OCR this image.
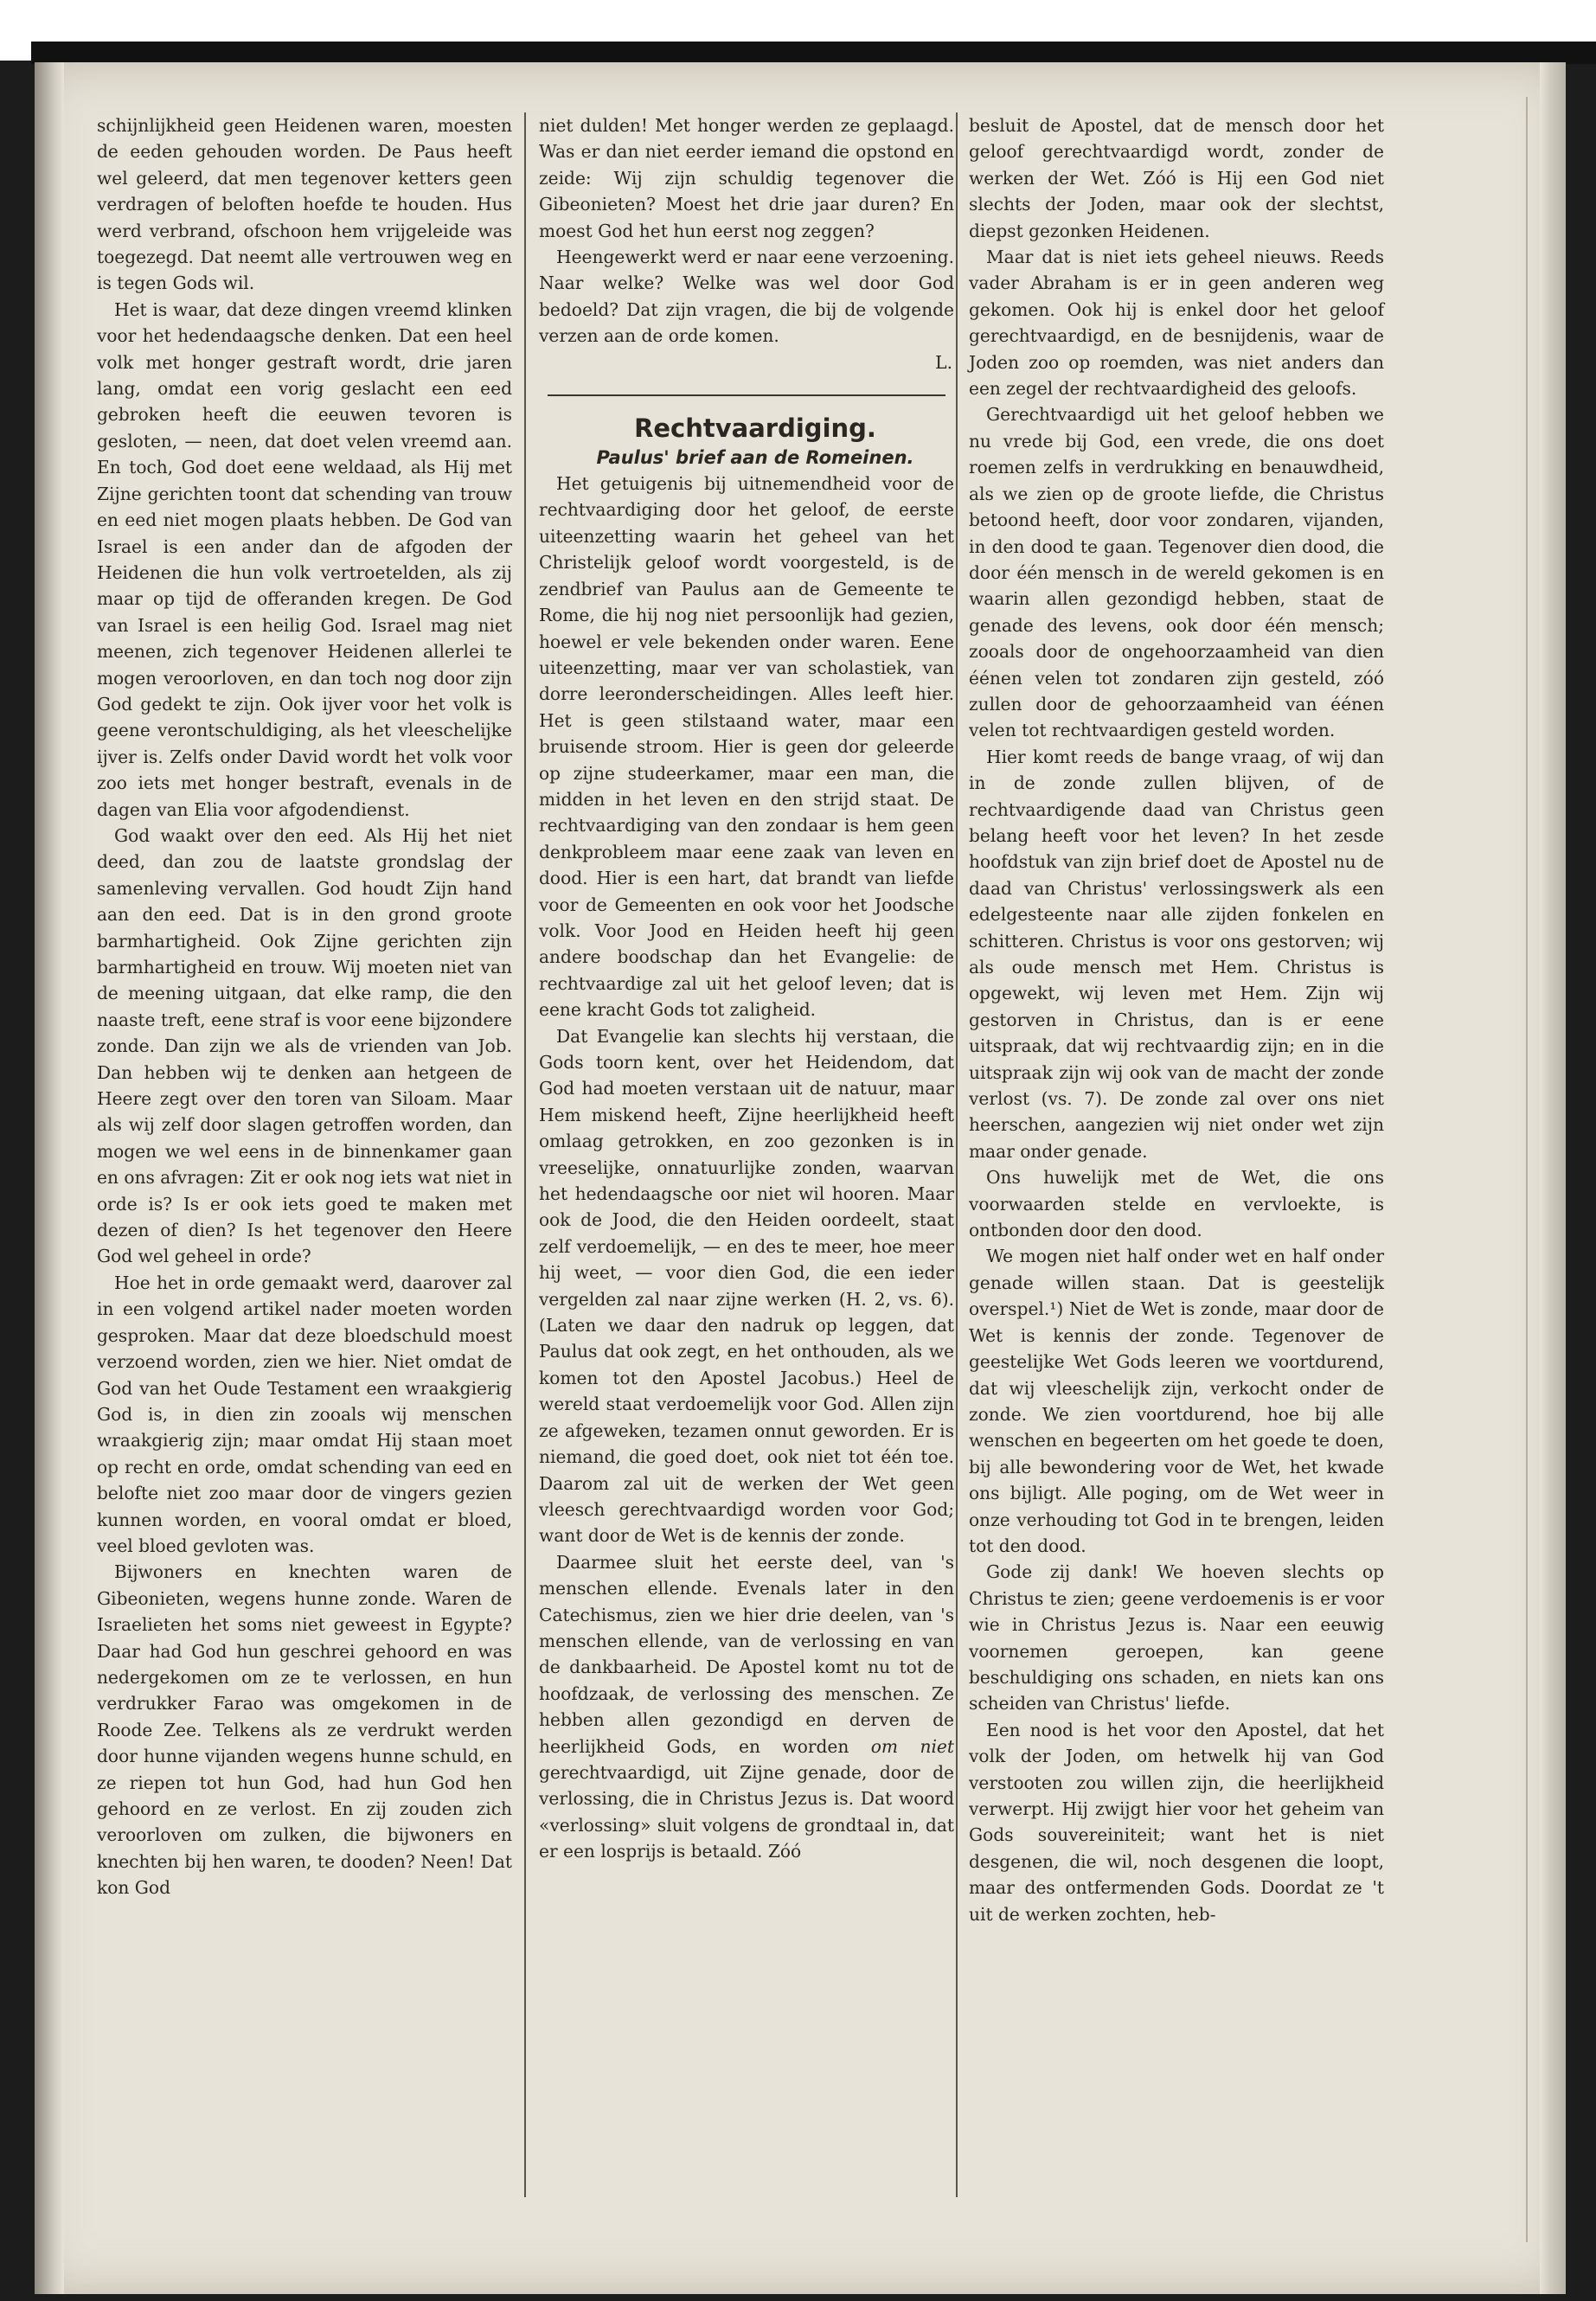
schijnlijkheid geen Heidenen waren, moesten de eeden gehouden worden. De Paus heeft wel geleerd, dat men tegenover ketters geen verdragen of beloften hoefde te houden. Hus werd verbrand, ofschoon hem vrijgeleide was toegezegd. Dat neemt alle vertrouwen weg en is tegen Gods wil.

Het is waar, dat deze dingen vreemd klinken voor het hedendaagsche denken. Dat een heel volk met honger gestraft wordt, drie jaren lang, omdat een vorig geslacht een eed gebroken heeft die eeuwen tevoren is gesloten, — neen, dat doet velen vreemd aan. En toch, God doet eene weldaad, als Hij met Zijne gerichten toont dat schending van trouw en eed niet mogen plaats hebben. De God van Israel is een ander dan de afgoden der Heidenen die hun volk vertroetelden, als zij maar op tijd de offeranden kregen. De God van Israel is een heilig God. Israel mag niet meenen, zich tegenover Heidenen allerlei te mogen veroorloven, en dan toch nog door zijn God gedekt te zijn. Ook ijver voor het volk is geene verontschuldiging, als het vleeschelijke ijver is. Zelfs onder David wordt het volk voor zoo iets met honger bestraft, evenals in de dagen van Elia voor afgodendienst.

God waakt over den eed. Als Hij het niet deed, dan zou de laatste grondslag der samenleving vervallen. God houdt Zijn hand aan den eed. Dat is in den grond groote barmhartigheid. Ook Zijne gerichten zijn barmhartigheid en trouw. Wij moeten niet van de meening uitgaan, dat elke ramp, die den naaste treft, eene straf is voor eene bijzondere zonde. Dan zijn we als de vrienden van Job. Dan hebben wij te denken aan hetgeen de Heere zegt over den toren van Siloam. Maar als wij zelf door slagen getroffen worden, dan mogen we wel eens in de binnenkamer gaan en ons afvragen: Zit er ook nog iets wat niet in orde is? Is er ook iets goed te maken met dezen of dien? Is het tegenover den Heere God wel geheel in orde?

Hoe het in orde gemaakt werd, daarover zal in een volgend artikel nader moeten worden gesproken. Maar dat deze bloedschuld moest verzoend worden, zien we hier. Niet omdat de God van het Oude Testament een wraakgierig God is, in dien zin zooals wij menschen wraakgierig zijn; maar omdat Hij staan moet op recht en orde, omdat schending van eed en belofte niet zoo maar door de vingers gezien kunnen worden, en vooral omdat er bloed, veel bloed gevloten was.

Bijwoners en knechten waren de Gibeonieten, wegens hunne zonde. Waren de Israelieten het soms niet geweest in Egypte? Daar had God hun geschrei gehoord en was nedergekomen om ze te verlossen, en hun verdrukker Farao was omgekomen in de Roode Zee. Telkens als ze verdrukt werden door hunne vijanden wegens hunne schuld, en ze riepen tot hun God, had hun God hen gehoord en ze verlost. En zij zouden zich veroorloven om zulken, die bijwoners en knechten bij hen waren, te dooden? Neen! Dat kon God

niet dulden! Met honger werden ze geplaagd. Was er dan niet eerder iemand die opstond en zeide: Wij zijn schuldig tegenover die Gibeonieten? Moest het drie jaar duren? En moest God het hun eerst nog zeggen?

Heengewerkt werd er naar eene verzoening. Naar welke? Welke was wel door God bedoeld? Dat zijn vragen, die bij de volgende verzen aan de orde komen.

L.

Rechtvaardiging.

Paulus' brief aan de Romeinen.

Het getuigenis bij uitnemendheid voor de rechtvaardiging door het geloof, de eerste uiteenzetting waarin het geheel van het Christelijk geloof wordt voorgesteld, is de zendbrief van Paulus aan de Gemeente te Rome, die hij nog niet persoonlijk had gezien, hoewel er vele bekenden onder waren. Eene uiteenzetting, maar ver van scholastiek, van dorre leeronderscheidingen. Alles leeft hier. Het is geen stilstaand water, maar een bruisende stroom. Hier is geen dor geleerde op zijne studeerkamer, maar een man, die midden in het leven en den strijd staat. De rechtvaardiging van den zondaar is hem geen denkprobleem maar eene zaak van leven en dood. Hier is een hart, dat brandt van liefde voor de Gemeenten en ook voor het Joodsche volk. Voor Jood en Heiden heeft hij geen andere boodschap dan het Evangelie: de rechtvaardige zal uit het geloof leven; dat is eene kracht Gods tot zaligheid.

Dat Evangelie kan slechts hij verstaan, die Gods toorn kent, over het Heidendom, dat God had moeten verstaan uit de natuur, maar Hem miskend heeft, Zijne heerlijkheid heeft omlaag getrokken, en zoo gezonken is in vreeselijke, onnatuurlijke zonden, waarvan het hedendaagsche oor niet wil hooren. Maar ook de Jood, die den Heiden oordeelt, staat zelf verdoemelijk, — en des te meer, hoe meer hij weet, — voor dien God, die een ieder vergelden zal naar zijne werken (H. 2, vs. 6). (Laten we daar den nadruk op leggen, dat Paulus dat ook zegt, en het onthouden, als we komen tot den Apostel Jacobus.) Heel de wereld staat verdoemelijk voor God. Allen zijn ze afgeweken, tezamen onnut geworden. Er is niemand, die goed doet, ook niet tot één toe. Daarom zal uit de werken der Wet geen vleesch gerechtvaardigd worden voor God; want door de Wet is de kennis der zonde.

Daarmee sluit het eerste deel, van 's menschen ellende. Evenals later in den Catechismus, zien we hier drie deelen, van 's menschen ellende, van de verlossing en van de dankbaarheid. De Apostel komt nu tot de hoofdzaak, de verlossing des menschen. Ze hebben allen gezondigd en derven de heerlijkheid Gods, en worden om niet gerechtvaardigd, uit Zijne genade, door de verlossing, die in Christus Jezus is. Dat woord «verlossing» sluit volgens de grondtaal in, dat er een losprijs is betaald. Zóó

besluit de Apostel, dat de mensch door het geloof gerechtvaardigd wordt, zonder de werken der Wet. Zóó is Hij een God niet slechts der Joden, maar ook der slechtst, diepst gezonken Heidenen.

Maar dat is niet iets geheel nieuws. Reeds vader Abraham is er in geen anderen weg gekomen. Ook hij is enkel door het geloof gerechtvaardigd, en de besnijdenis, waar de Joden zoo op roemden, was niet anders dan een zegel der rechtvaardigheid des geloofs.

Gerechtvaardigd uit het geloof hebben we nu vrede bij God, een vrede, die ons doet roemen zelfs in verdrukking en benauwdheid, als we zien op de groote liefde, die Christus betoond heeft, door voor zondaren, vijanden, in den dood te gaan. Tegenover dien dood, die door één mensch in de wereld gekomen is en waarin allen gezondigd hebben, staat de genade des levens, ook door één mensch; zooals door de ongehoorzaamheid van dien éénen velen tot zondaren zijn gesteld, zóó zullen door de gehoorzaamheid van éénen velen tot rechtvaardigen gesteld worden.

Hier komt reeds de bange vraag, of wij dan in de zonde zullen blijven, of de rechtvaardigende daad van Christus geen belang heeft voor het leven? In het zesde hoofdstuk van zijn brief doet de Apostel nu de daad van Christus' verlossingswerk als een edelgesteente naar alle zijden fonkelen en schitteren. Christus is voor ons gestorven; wij als oude mensch met Hem. Christus is opgewekt, wij leven met Hem. Zijn wij gestorven in Christus, dan is er eene uitspraak, dat wij rechtvaardig zijn; en in die uitspraak zijn wij ook van de macht der zonde verlost (vs. 7). De zonde zal over ons niet heerschen, aangezien wij niet onder wet zijn maar onder genade.

Ons huwelijk met de Wet, die ons voorwaarden stelde en vervloekte, is ontbonden door den dood.

We mogen niet half onder wet en half onder genade willen staan. Dat is geestelijk overspel.¹) Niet de Wet is zonde, maar door de Wet is kennis der zonde. Tegenover de geestelijke Wet Gods leeren we voortdurend, dat wij vleeschelijk zijn, verkocht onder de zonde. We zien voortdurend, hoe bij alle wenschen en begeerten om het goede te doen, bij alle bewondering voor de Wet, het kwade ons bijligt. Alle poging, om de Wet weer in onze verhouding tot God in te brengen, leiden tot den dood.

Gode zij dank! We hoeven slechts op Christus te zien; geene verdoemenis is er voor wie in Christus Jezus is. Naar een eeuwig voornemen geroepen, kan geene beschuldiging ons schaden, en niets kan ons scheiden van Christus' liefde.

Een nood is het voor den Apostel, dat het volk der Joden, om hetwelk hij van God verstooten zou willen zijn, die heerlijkheid verwerpt. Hij zwijgt hier voor het geheim van Gods souvereiniteit; want het is niet desgenen, die wil, noch desgenen die loopt, maar des ontfermenden Gods. Doordat ze 't uit de werken zochten, heb-
